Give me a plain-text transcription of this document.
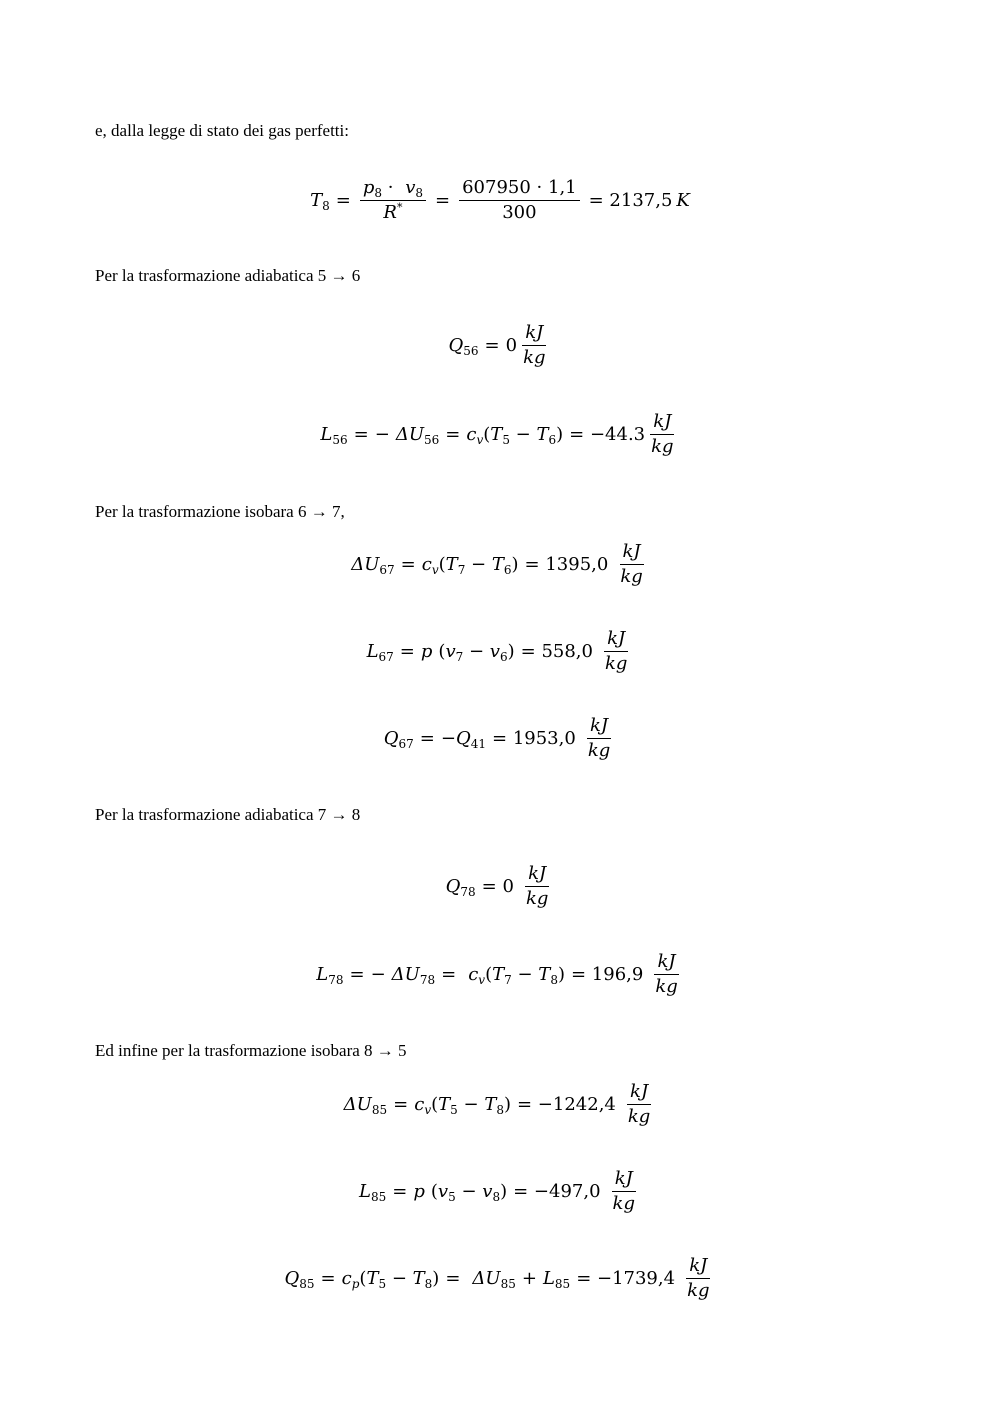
e, dalla legge di stato dei gas perfetti:
$T_8 = \frac{p_8 \cdot v_8}{R^*} = \frac{607950 \cdot 1,1}{300} = 2137,5$ K
Per la trasformazione adiabatica 5 → 6
$Q_{56} = 0 \frac{kJ}{kg}$
$L_{56}$ = − $\Delta U_{56} = c_v$ $(T_5 - T_6) = -44.3 \frac{kJ}{kg}$
Per la trasformazione isobara 6 → 7,
$\Delta U_{67} = c_v$ $(T_7 - T_6) = 1395,0 \frac{kJ}{kg}$
$L_{67} = p$ $(v_7 - v_6) = 558,0 \frac{kJ}{kg}$
$Q_{67}$ = − $Q_{41} = 1953,0 \frac{kJ}{kg}$
Per la trasformazione adiabatica 7 → 8
$Q_{78} = 0 \frac{kJ}{kg}$
$L_{78}$ = − $\Delta U_{78} = c_v$ $(T_7 - T_8) = 196,9 \frac{kJ}{kg}$
Ed infine per la trasformazione isobara 8 → 5
$\Delta U_{85} = c_v$ $(T_5 - T_8) = -1242,4 \frac{kJ}{kg}$
$L_{85} = p$ $(v_5 - v_8) = -497,0 \frac{kJ}{kg}$
$Q_{85} = c_p$ $(T_5 - T_8) = \Delta U_{85} + L_{85} = -1739,4 \frac{kJ}{kg}$
